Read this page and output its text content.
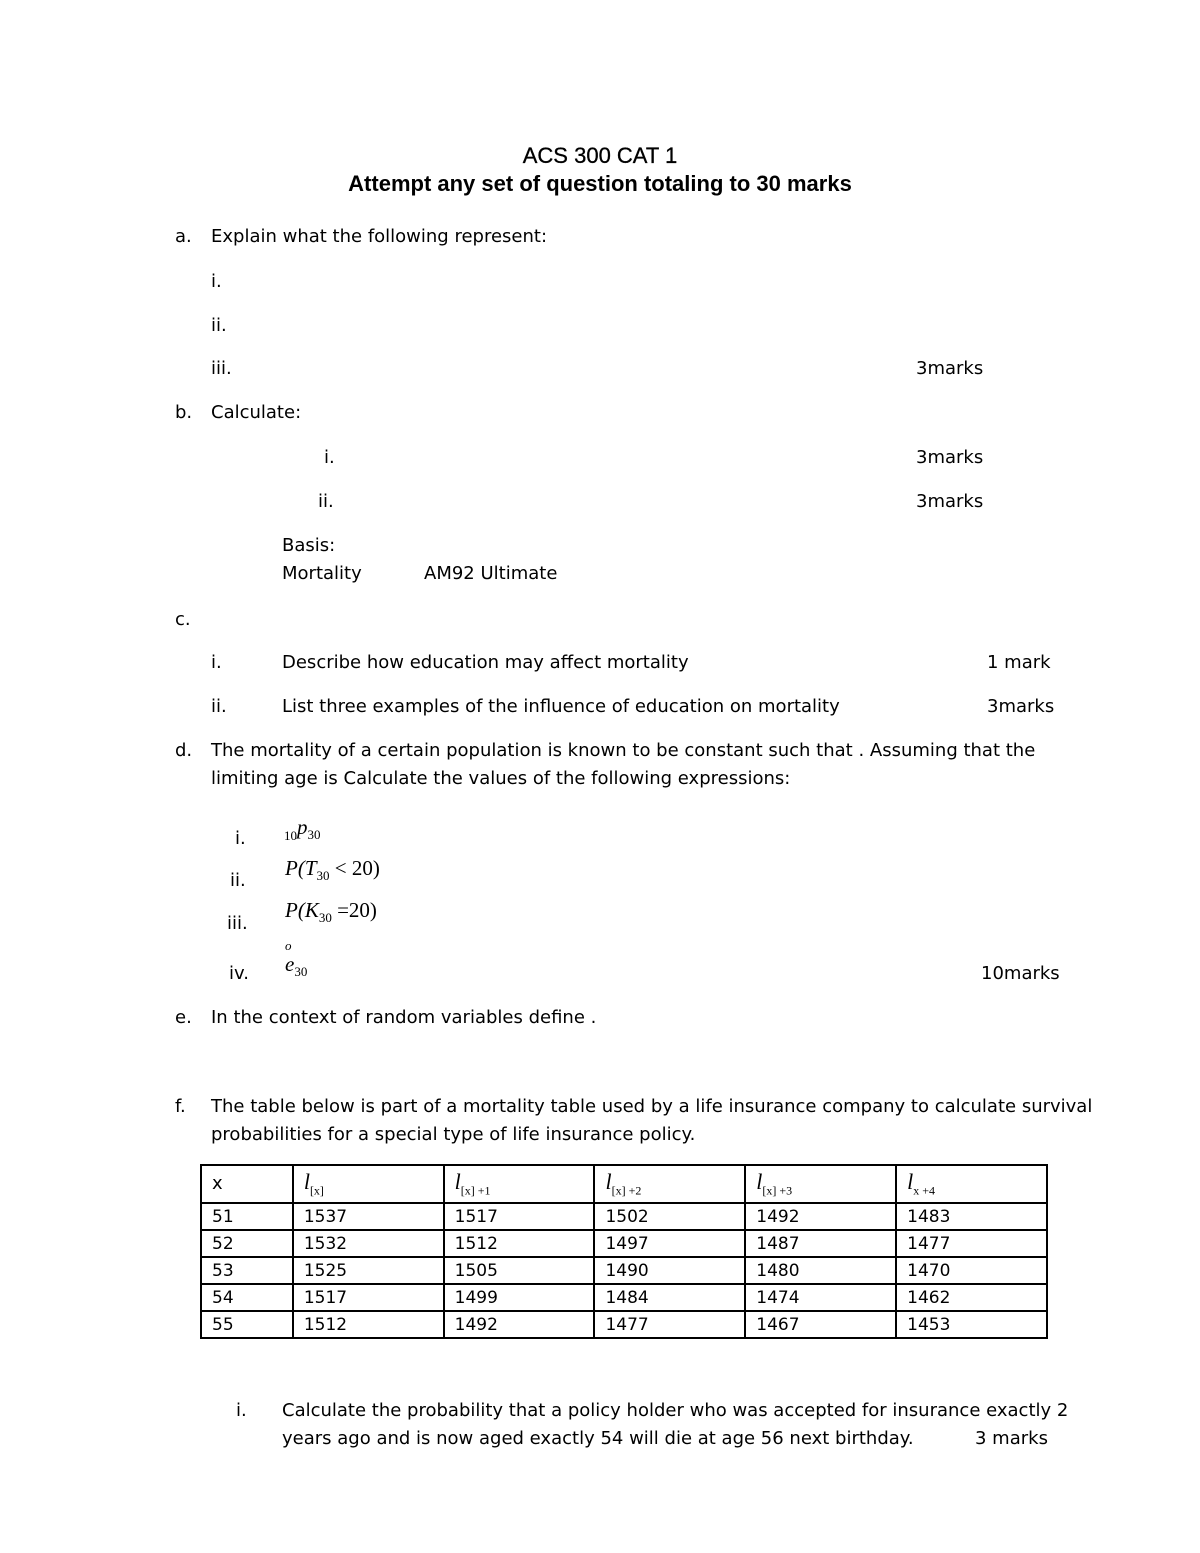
ACS 300 CAT 1
Attempt any set of question totaling to 30 marks
a. Explain what the following represent:
i.
ii.
iii.	3marks
b. Calculate:
i.	3marks
ii.	3marks
Basis:
Mortality	AM92 Ultimate
c.
i.	Describe how education may affect mortality	1 mark
ii.	List three examples of the influence of education on mortality	3marks
d. The mortality of a certain population is known to be constant such that . Assuming that the
limiting age is Calculate the values of the following expressions:
i.	$_{10}p_{30}$
ii.
$P(T_{30} < 20)$
iii.
$P(K_{30} =20)$
o
iv. $e_{30}$	10marks
e. In the context of random variables define .
f. The table below is part of a mortality table used by a life insurance company to calculate survival
probabilities for a special type of life insurance policy.
x	$l_{[x]}$	$l_{[x] +1}$	$l_{[x] +2}$	$l_{[x] +3}$	$l_{x +4}$
51	1537	1517	1502	1492	1483
52	1532	1512	1497	1487	1477
53	1525	1505	1490	1480	1470
54	1517	1499	1484	1474	1462
55	1512	1492	1477	1467	1453
i. Calculate the probability that a policy holder who was accepted for insurance exactly 2
years ago and is now aged exactly 54 will die at age 56 next birthday.	3 marks
